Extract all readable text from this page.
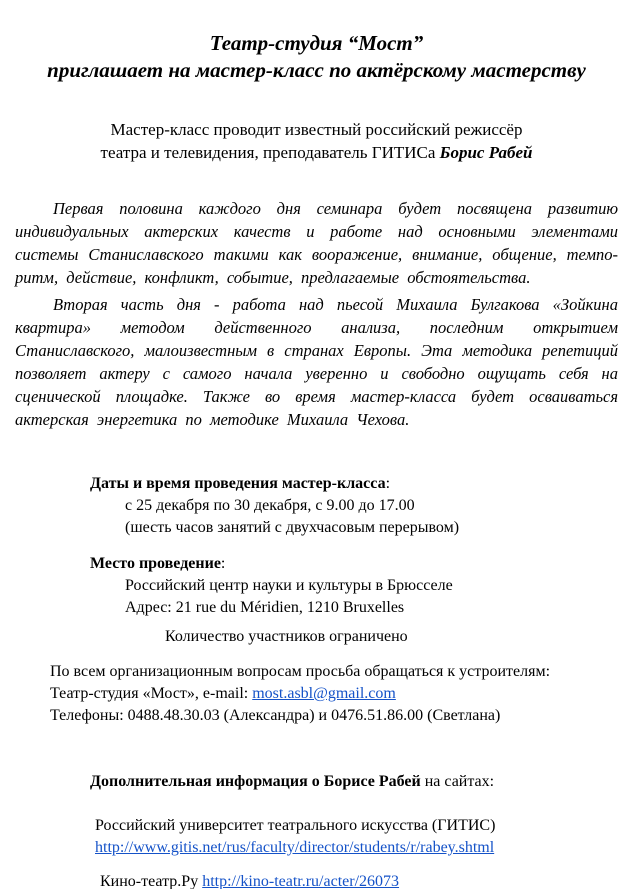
Театр-студия “Мост”
приглашает на мастер-класс по актёрскому мастерству
Мастер-класс проводит известный российский режиссёр
театра и телевидения, преподаватель ГИТИСа Борис Рабей

Первая половина каждого дня семинара будет посвящена развитию индивидуальных актерских качеств и работе над основными элементами системы Станиславского такими как вооражение, внимание, общение, темпо-ритм, действие, конфликт, событие, предлагаемые обстоятельства.

Вторая часть дня - работа над пьесой Михаила Булгакова «Зойкина квартира» методом действенного анализа, последним открытием Станиславского, малоизвестным в странах Европы. Эта методика репетиций позволяет актеру с самого начала уверенно и свободно ощущать себя на сценической площадке. Также во время мастер-класса будет осваиваться актерская энергетика по методике Михаила Чехова.

Даты и время проведения мастер-класса:
с 25 декабря по 30 декабря, с 9.00 до 17.00
(шесть часов занятий с двухчасовым перерывом)
Место проведение:
Российский центр науки и культуры в Брюсселе
Адрес: 21 rue du Méridien, 1210 Bruxelles
Количество участников ограничено
По всем организационным вопросам просьба обращаться к устроителям:
Театр-студия «Мост», e-mail: most.asbl@gmail.com
Телефоны: 0488.48.30.03 (Александра) и 0476.51.86.00 (Светлана)
Дополнительная информация о Борисе Рабей на сайтах:
Российский университет театрального искусства (ГИТИС)
http://www.gitis.net/rus/faculty/director/students/r/rabey.shtml
Кино-театр.Ру http://kino-teatr.ru/acter/26073
